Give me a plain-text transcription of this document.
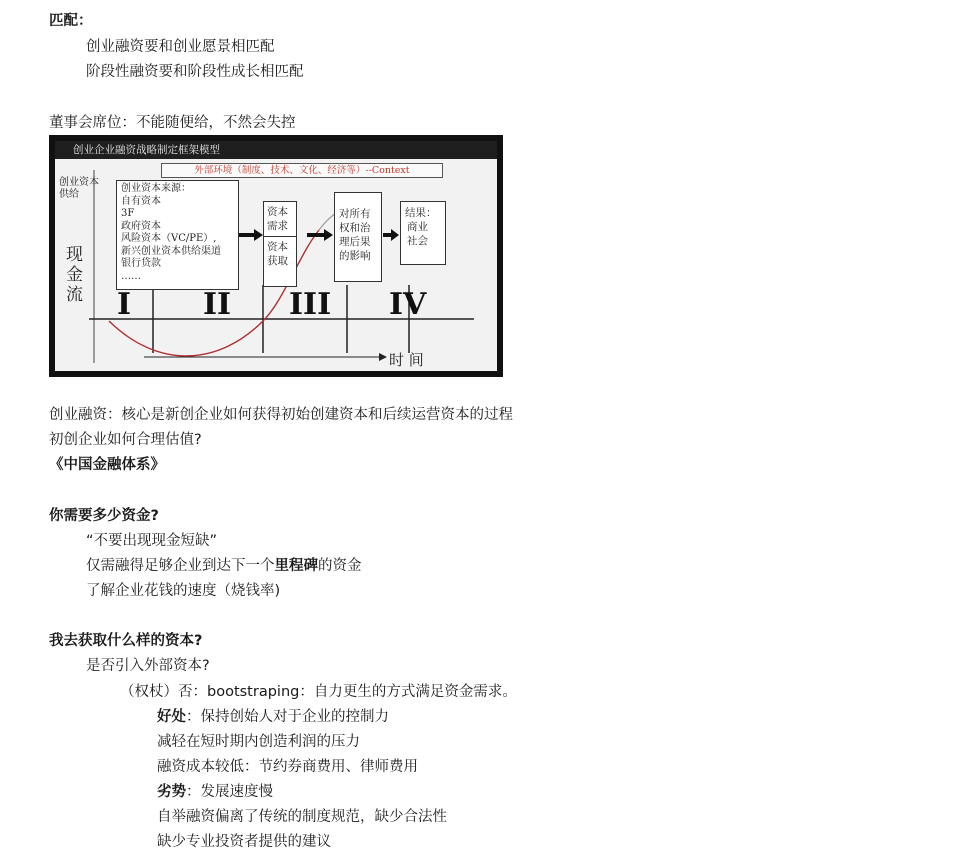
匹配：
创业融资要和创业愿景相匹配
阶段性融资要和阶段性成长相匹配
董事会席位：不能随便给，不然会失控
创业企业融资战略制定框架模型
外部环境（制度、技术、文化、经济等）--Context
创业资本供给
现金流
创业资本来源：
自有资本
3F
政府资本
风险资本（VC/PE）,
新兴创业资本供给渠道
银行贷款
……
资本需求
资本获取
对所有权和治理后果的影响
结果：
商业社会
I II III IV
时 间
创业融资：核心是新创企业如何获得初始创建资本和后续运营资本的过程
初创企业如何合理估值?
《中国金融体系》
你需要多少资金?
“不要出现现金短缺”
仅需融得足够企业到达下一个里程碑的资金
了解企业花钱的速度（烧钱率)
我去获取什么样的资本?
是否引入外部资本?
（权杖）否：bootstraping：自力更生的方式满足资金需求。
好处：保持创始人对于企业的控制力
减轻在短时期内创造利润的压力
融资成本较低：节约券商费用、律师费用
劣势：发展速度慢
自举融资偏离了传统的制度规范，缺少合法性
缺少专业投资者提供的建议
